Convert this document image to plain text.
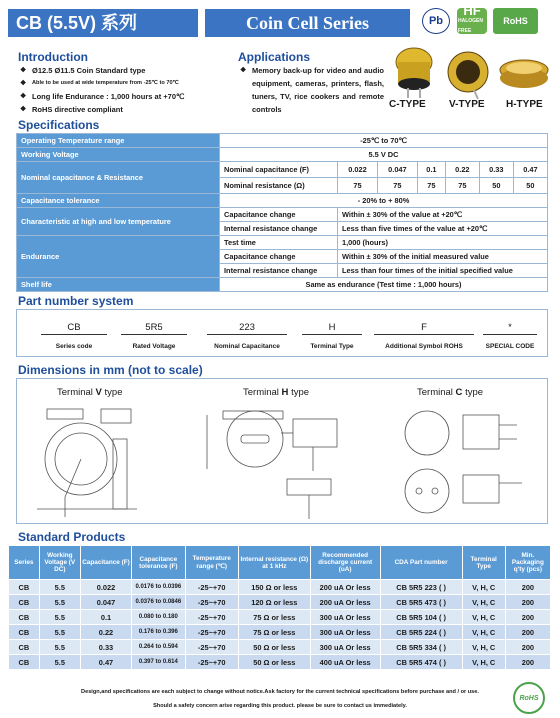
CB (5.5V) 系列	Coin Cell Series	Pb
HF
HALOGEN FREE
RoHS
Introduction
❖ Ø12.5 Ø11.5 Coin Standard type
❖ Able to be used at wide temperature from -25℃ to 70℃
❖ Long life Endurance : 1,000 hours at +70℃
❖ RoHS directive compliant
Applications
❖ Memory back-up for video and audio equipment, cameras, printers, flash, tuners, TV, rice cookers and remote controls	C-TYPE V-TYPE H-TYPE
Specifications
Operating Temperature range	-25℃ to 70℃						
Working Voltage	5.5 V DC						
Nominal capacitance & Resistance	Nominal capacitance (F)	0.022	0.047	0.1	0.22	0.33	0.47
	Nominal resistance (Ω)	75	75	75	75	50	50
Capacitance tolerance	- 20% to + 80%						
Characteristic at high and low temperature	Capacitance change	Within ± 30% of the value at +20℃					
	Internal resistance change	Less than five times of the value at +20℃					
Endurance	Test time	1,000 (hours)					
	Capacitance change	Within ± 30% of the initial measured value					
	Internal resistance change	Less than four times of the initial specified value					
Shelf life	Same as endurance (Test time : 1,000 hours)						
Part number system
CB	5R5	223	H	F	*
Series code	Rated Voltage	Nominal Capacitance	Terminal Type	Additional Symbol ROHS	SPECIAL CODE
Dimensions in mm (not to scale)
Terminal V type	Terminal H type	Terminal C type
Standard Products
Series	Working Voltage (V DC)	Capacitance (F)	Capacitance tolerance (F)	Temperature range (℃)	Internal resistance (Ω) at 1 kHz	Recommended discharge current (uA)	CDA Part number	Terminal Type	Min. Packaging q'ty (pcs)
CB	5.5	0.022	0.0176 to 0.0396	-25~+70	150 Ω or less	200 uA Or less	CB 5R5 223 ( )	V, H, C	200
CB	5.5	0.047	0.0376 to 0.0846	-25~+70	120 Ω or less	200 uA Or less	CB 5R5 473 ( )	V, H, C	200
CB	5.5	0.1	0.080 to 0.180	-25~+70	75 Ω or less	300 uA Or less	CB 5R5 104 ( )	V, H, C	200
CB	5.5	0.22	0.176 to 0.396	-25~+70	75 Ω or less	300 uA Or less	CB 5R5 224 ( )	V, H, C	200
CB	5.5	0.33	0.264 to 0.594	-25~+70	50 Ω or less	300 uA Or less	CB 5R5 334 ( )	V, H, C	200
CB	5.5	0.47	0.397 to 0.614	-25~+70	50 Ω or less	400 uA Or less	CB 5R5 474 ( )	V, H, C	200
Design,and specifications are each subject to change without notice.Ask factory for the current technical specifications before purchase and / or use.
Should a safety concern arise regarding this product. please be sure to contact us immediately.
RoHS
